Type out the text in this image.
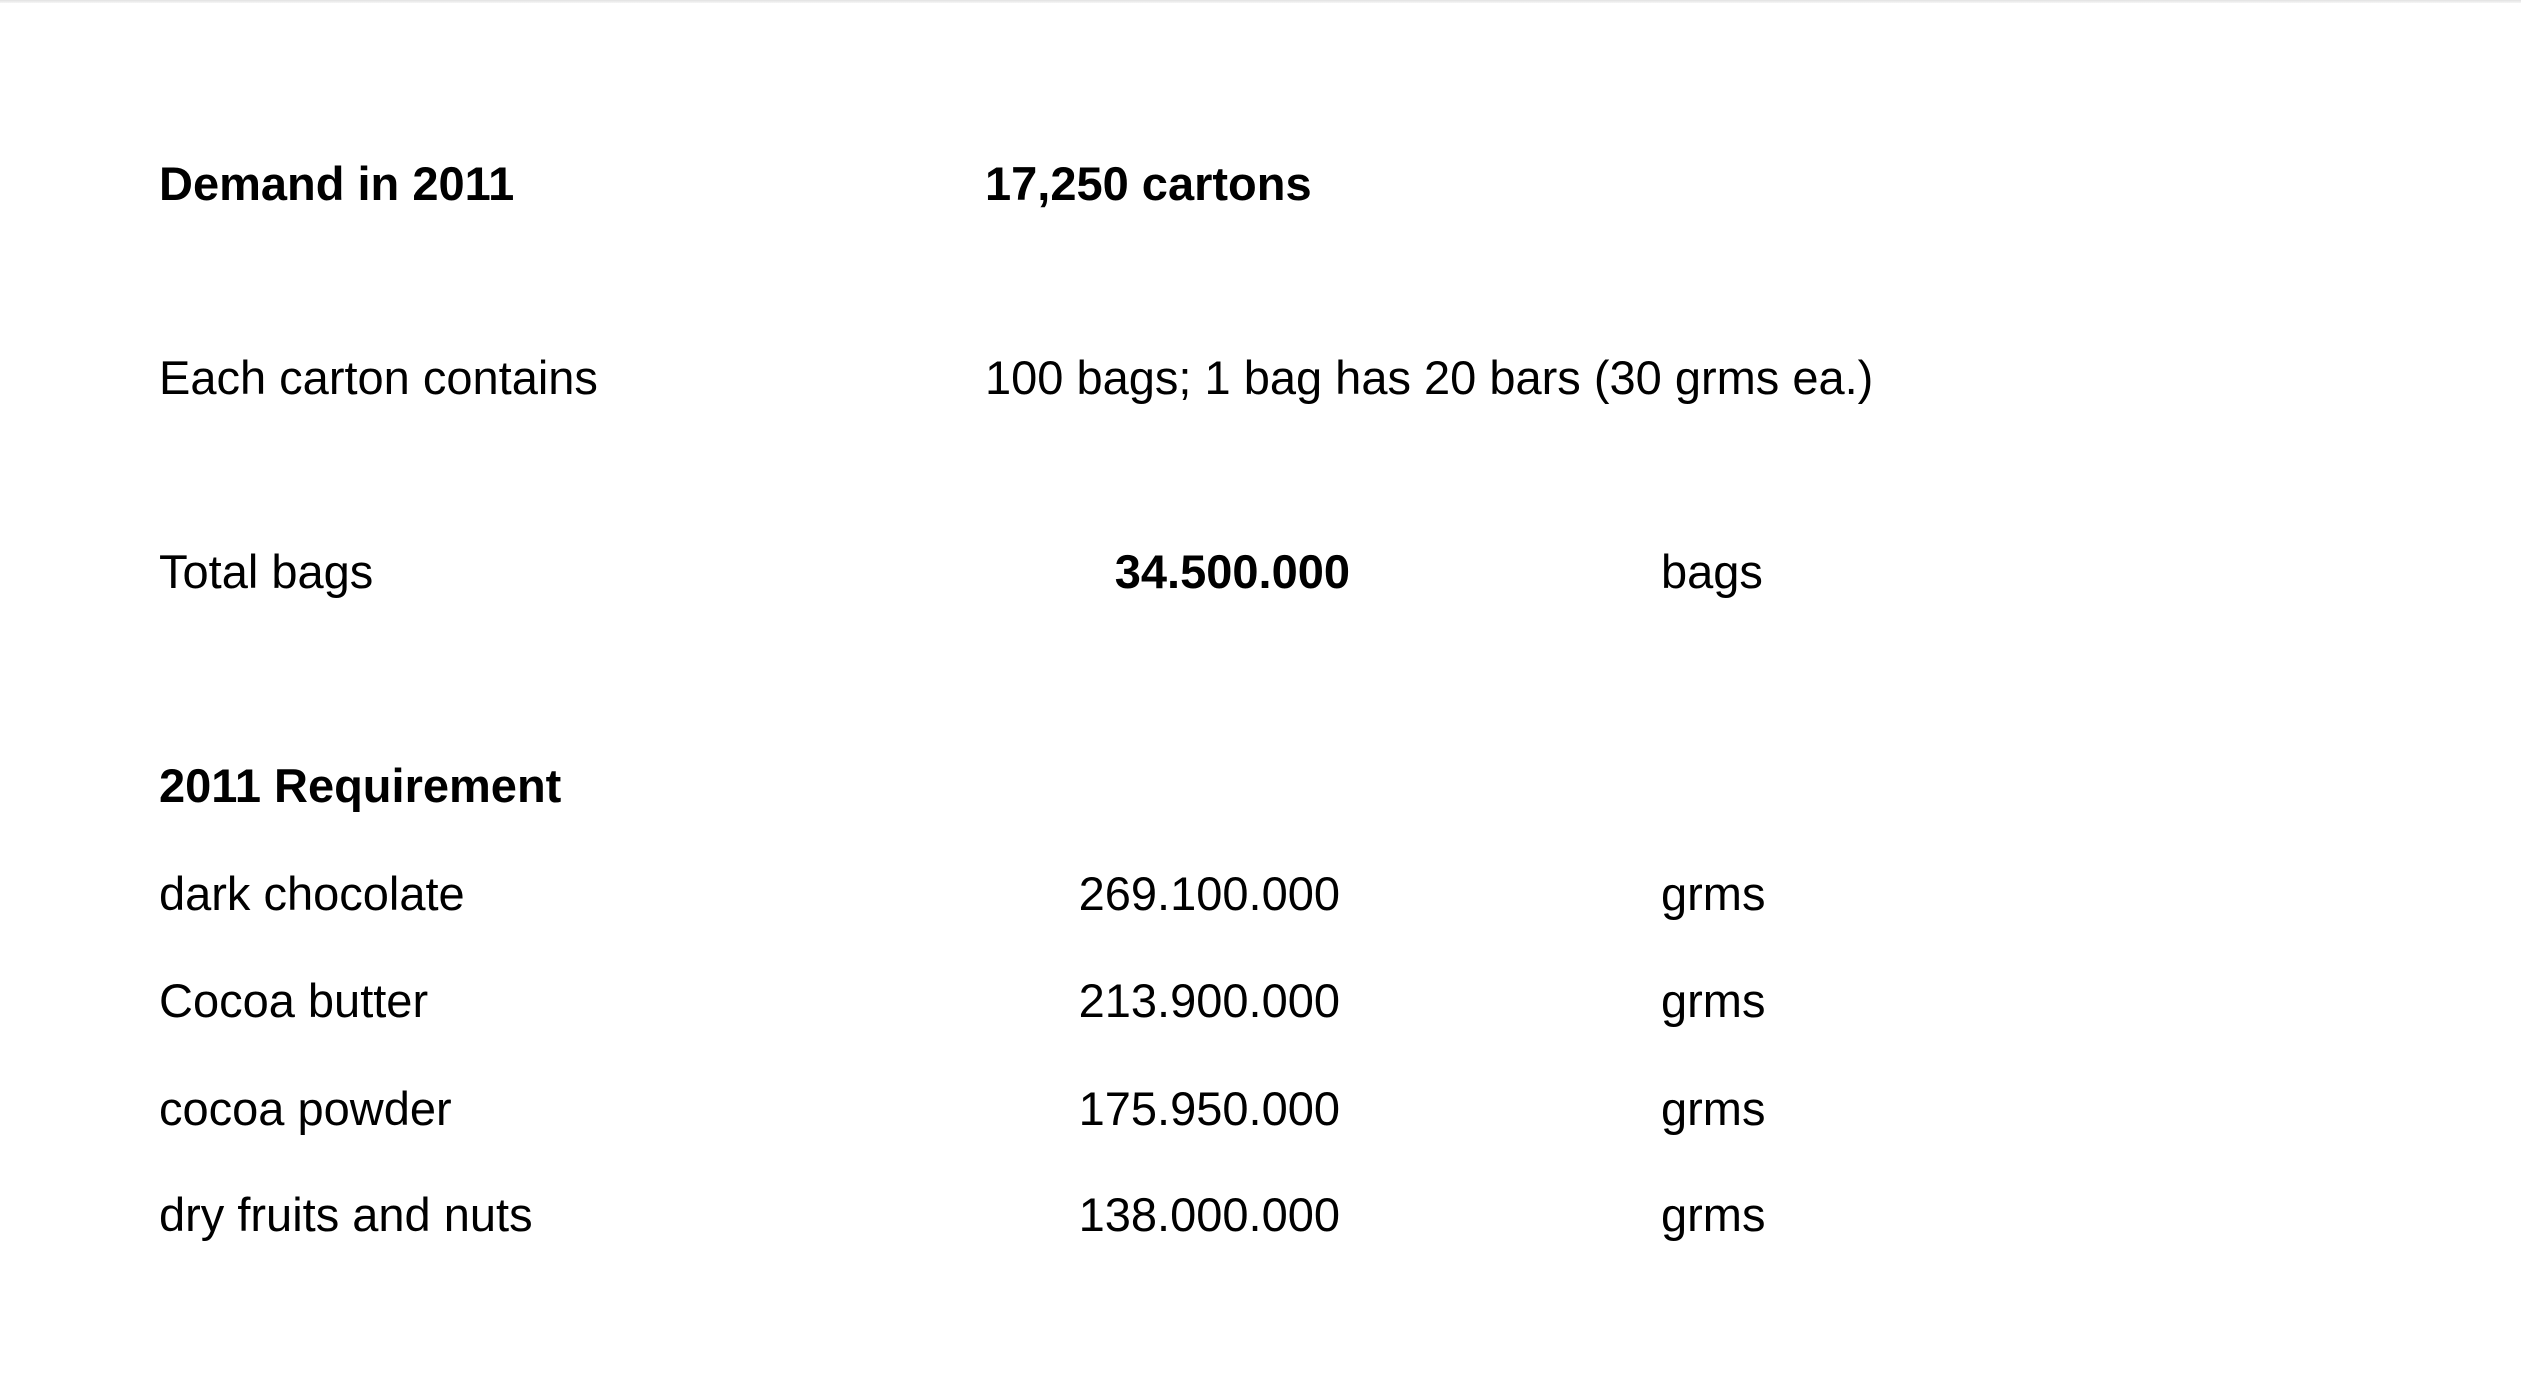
Demand in 2011	17,250 cartons
Each carton contains	100 bags; 1 bag has 20 bars (30 grms ea.)
Total bags	34.500.000	bags
2011 Requirement
dark chocolate	269.100.000	grms
Cocoa butter	213.900.000	grms
cocoa powder	175.950.000	grms
dry fruits and nuts	138.000.000	grms
